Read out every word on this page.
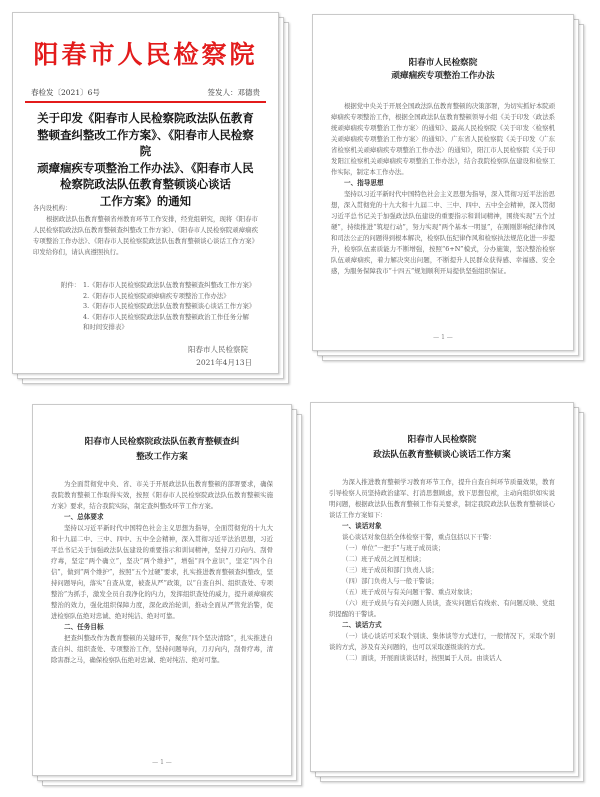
阳春市人民检察院
春检发〔2021〕6号	签发人：邓德贵
关于印发《阳春市人民检察院政法队伍教育
整顿查纠整改工作方案》、《阳春市人民检察院
顽瘴痼疾专项整治工作办法》、《阳春市人民
检察院政法队伍教育整顿谈心谈话
工作方案》的通知
各内设机构：
根据政法队伍教育整顿省州教育环节工作安排，经党组研究，现将《阳春市人民检察院政法队伍教育整顿查纠整改工作方案》、《阳春市人民检察院顽瘴痼疾专项整治工作办法》、《阳春市人民检察院政法队伍教育整顿谈心谈话工作方案》印发给你们，请认真遵照执行。
附件： 1.《阳春市人民检察院政法队伍教育整顿查纠整改工作方案》
2.《阳春市人民检察院顽瘴痼疾专项整治工作办法》
3.《阳春市人民检察院政法队伍教育整顿谈心谈话工作方案》
4.《阳春市人民检察院政法队伍教育整顿政治工作任务分解和时间安排表》
阳春市人民检察院
2021年4月13日
阳春市人民检察院
顽瘴痼疾专项整治工作办法
根据党中央关于开展全国政法队伍教育整顿的决策部署，为切实抓好本院顽瘴痼疾专项整治工作，根据全国政法队伍教育整顿领导小组《关于印发〈政法系统顽瘴痼疾专项整治工作方案〉的通知》、最高人民检察院《关于印发〈检察机关顽瘴痼疾专项整治工作方案〉的通知》、广东省人民检察院《关于印发〈广东省检察机关顽瘴痼疾专项整治工作办法〉的通知》，阳江市人民检察院《关于印发阳江检察机关顽瘴痼疾专项整治工作办法》，结合我院检察队伍建设和检察工作实际，制定本工作办法。
一、指导思想
坚持以习近平新时代中国特色社会主义思想为指导，深入贯彻习近平法治思想，深入贯彻党的十九大和十九届二中、三中、四中、五中全会精神，深入贯彻习近平总书记关于加强政法队伍建设的重要指示和训词精神，围绕实现“五个过硬”，持续推进“筑堤行动”，努力实现“两个基本一明显”，在刚刚影响纪律作风和司法公正的问题得到根本解决，检察队伍纪律作风和检察执法规范化进一步提升，检察队伍素质能力不断增强，按照“6+N”模式，分办施策，坚决整治检察队伍顽瘴痼疾，着力解决突出问题，不断提升人民群众获得感、幸福感、安全感，为服务保障我市“十四五”规划顺利开局提供坚强组织保证。
— 1 —
阳春市人民检察院政法队伍教育整顿查纠
整改工作方案
为全面贯彻党中央、省、市关于开展政法队伍教育整顿的部署要求，确保我院教育整顿工作取得实效，按照《阳春市人民检察院政法队伍教育整顿实施方案》要求，结合我院实际，制定查纠整改环节工作方案。
一、总体要求
坚持以习近平新时代中国特色社会主义思想为指导，全面贯彻党的十九大和十九届二中、三中、四中、五中全会精神，深入贯彻习近平法治思想，习近平总书记关于加强政法队伍建设的重要指示和训词精神，坚持刀刃向内、刮骨疗毒，坚定“两个确立”，坚决“两个维护”，增强“四个意识”，坚定“四个自信”，做到“两个维护”，按照“五个过硬”要求，扎实推进教育整顿查纠整改，坚持问题导向，落实“自查从宽，被查从严”政策，以“自查自纠、组织查处、专项整治”为抓手，激发全员自我净化的内力，发挥组织查处的威力，提升顽瘴痼疾整治的效力，强化组织保障力度，深化政治轮训，推动全面从严管党治警，促进检察队伍绝对忠诚、绝对纯洁、绝对可靠。
二、任务目标
把查纠整改作为教育整顿的关键环节，聚焦“四个坚决清除”，扎实推进自查自纠、组织查处、专项整治工作，坚持问题导向，刀刃向内，刮骨疗毒，清除害群之马，确保检察队伍绝对忠诚、绝对纯洁、绝对可靠。
— 1 —
阳春市人民检察院
政法队伍教育整顿谈心谈话工作方案
为深入推进教育整顿学习教育环节工作，提升自查自纠环节质量效果，教育引导检察人员坚持政治建军、打消思想顾虑，放下思想包袱，主动向组织如实说明问题，根据政法队伍教育整顿工作有关要求，制定我院政法队伍教育整顿谈心谈话工作方案如下：
一、谈话对象
谈心谈话对象包括全体检察干警，重点包括以下干警：
（一）单位“一把手”与班子成员谈；
（二）班子成员之间互相谈；
（三）班子成员和部门负责人谈；
（四）部门负责人与一般干警谈；
（五）班子成员与有关问题干警、重点对象谈；
（六）班子成员与有关问题人员谈，查实问题后有线索、有问题反映、党组织提醒的干警谈。
二、谈话方式
（一）谈心谈话可采取个别谈、集体谈等方式进行，一般情况下，采取个别谈的方式，涉及有关问题的，也可以采取逐级谈的方式。
（二）面谈，开展面谈谈话时，按照属于人员。由谈话人
